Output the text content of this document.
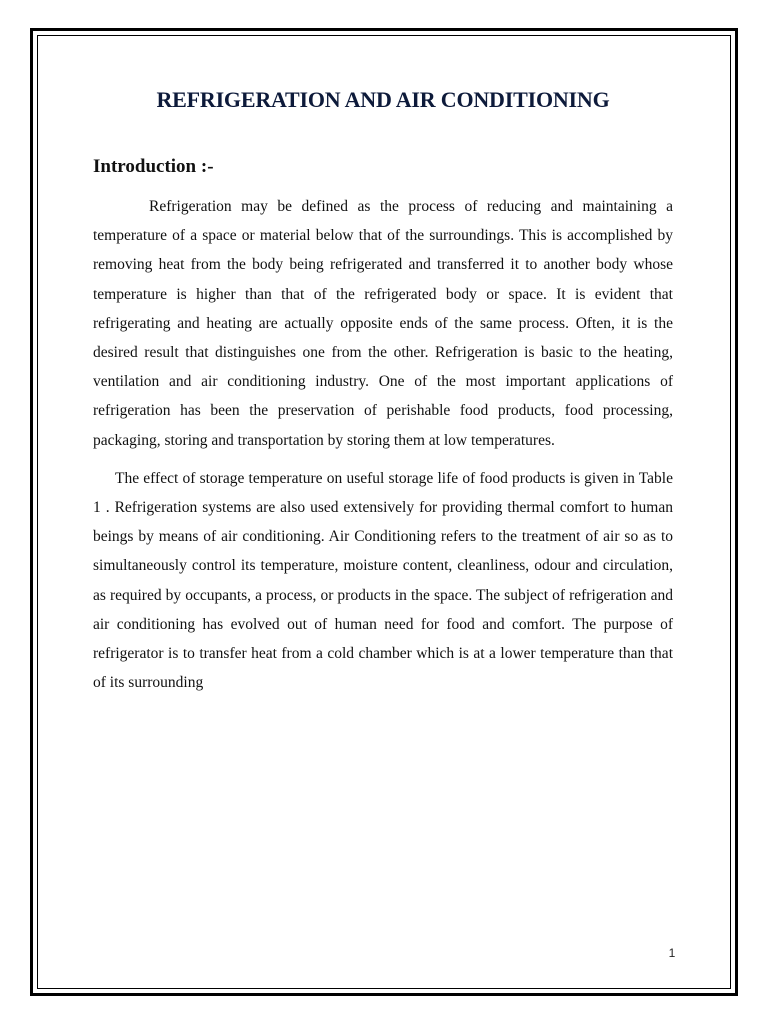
REFRIGERATION AND AIR CONDITIONING
Introduction :-

Refrigeration may be defined as the process of reducing and maintaining a temperature of a space or material below that of the surroundings. This is accomplished by removing heat from the body being refrigerated and transferred it to another body whose temperature is higher than that of the refrigerated body or space. It is evident that refrigerating and heating are actually opposite ends of the same process. Often, it is the desired result that distinguishes one from the other. Refrigeration is basic to the heating, ventilation and air conditioning industry. One of the most important applications of refrigeration has been the preservation of perishable food products, food processing, packaging, storing and transportation by storing them at low temperatures.

The effect of storage temperature on useful storage life of food products is given in Table 1 . Refrigeration systems are also used extensively for providing thermal comfort to human beings by means of air conditioning. Air Conditioning refers to the treatment of air so as to simultaneously control its temperature, moisture content, cleanliness, odour and circulation, as required by occupants, a process, or products in the space. The subject of refrigeration and air conditioning has evolved out of human need for food and comfort. The purpose of refrigerator is to transfer heat from a cold chamber which is at a lower temperature than that of its surrounding

1
